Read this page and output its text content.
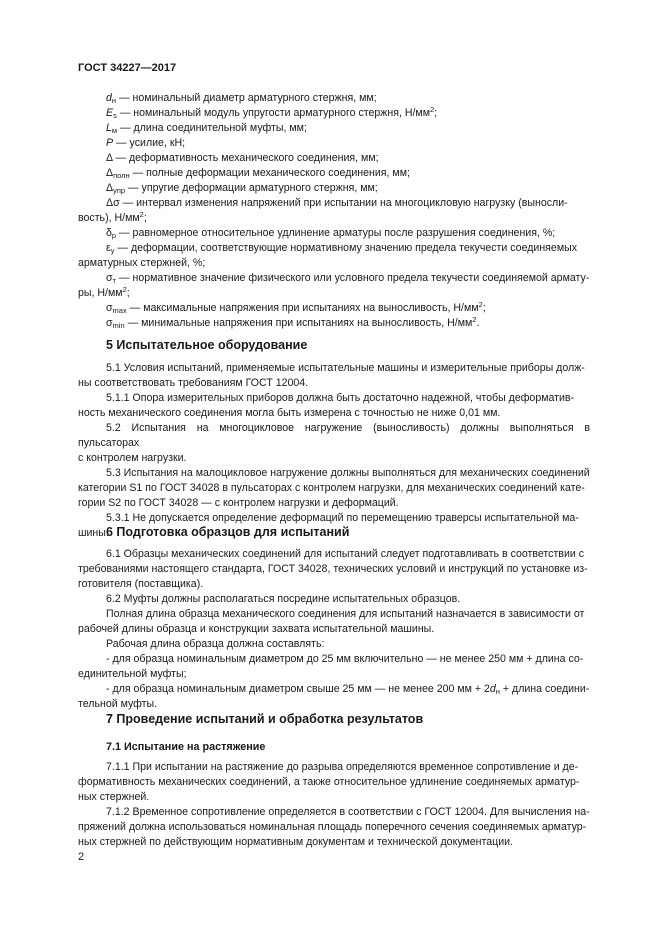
ГОСТ 34227—2017

$d_н$ — номинальный диаметр арматурного стержня, мм;

$E_s$ — номинальный модуль упругости арматурного стержня, $Н/мм^2$;

$L_м$ — длина соединительной муфты, мм;

P — усилие, кН;

Δ — деформативность механического соединения, мм;

$\Delta_{полн}$ — полные деформации механического соединения, мм;

$\Delta_{упр}$ — упругие деформации арматурного стержня, мм;

Δσ — интервал изменения напряжений при испытании на многоцикловую нагрузку (выносли-

вость), $Н/мм^2$;

$\delta_р$ — равномерное относительное удлинение арматуры после разрушения соединения, %;

$\varepsilon_y$ — деформации, соответствующие нормативному значению предела текучести соединяемых

арматурных стержней, %;

$\sigma_т$ — нормативное значение физического или условного предела текучести соединяемой армату-

ры, $Н/мм^2$;

$\sigma_{max}$ — максимальные напряжения при испытаниях на выносливость, $Н/мм^2$;

$\sigma_{min}$ — минимальные напряжения при испытаниях на выносливость, $Н/мм^2$.

5 Испытательное оборудование

5.1 Условия испытаний, применяемые испытательные машины и измерительные приборы долж-

ны соответствовать требованиям ГОСТ 12004.

5.1.1 Опора измерительных приборов должна быть достаточно надежной, чтобы деформатив-

ность механического соединения могла быть измерена с точностью не ниже 0,01 мм.

5.2 Испытания на многоцикловое нагружение (выносливость) должны выполняться в пульсаторах

с контролем нагрузки.

5.3 Испытания на малоцикловое нагружение должны выполняться для механических соединений

категории S1 по ГОСТ 34028 в пульсаторах с контролем нагрузки, для механических соединений кате-

гории S2 по ГОСТ 34028 — с контролем нагрузки и деформаций.

5.3.1 Не допускается определение деформаций по перемещению траверсы испытательной ма-

шины.

6 Подготовка образцов для испытаний

6.1 Образцы механических соединений для испытаний следует подготавливать в соответствии с

требованиями настоящего стандарта, ГОСТ 34028, технических условий и инструкций по установке из-

готовителя (поставщика).

6.2 Муфты должны располагаться посредине испытательных образцов.

Полная длина образца механического соединения для испытаний назначается в зависимости от

рабочей длины образца и конструкции захвата испытательной машины.

Рабочая длина образца должна составлять:

- для образца номинальным диаметром до 25 мм включительно — не менее 250 мм + длина со-

единительной муфты;

- для образца номинальным диаметром свыше 25 мм — не менее 200 мм + $2d_н$ + длина соедини-

тельной муфты.

7 Проведение испытаний и обработка результатов
7.1 Испытание на растяжение

7.1.1 При испытании на растяжение до разрыва определяются временное сопротивление и де-

формативность механических соединений, а также относительное удлинение соединяемых арматур-

ных стержней.

7.1.2 Временное сопротивление определяется в соответствии с ГОСТ 12004. Для вычисления на-

пряжений должна использоваться номинальная площадь поперечного сечения соединяемых арматур-

ных стержней по действующим нормативным документам и технической документации.

2
